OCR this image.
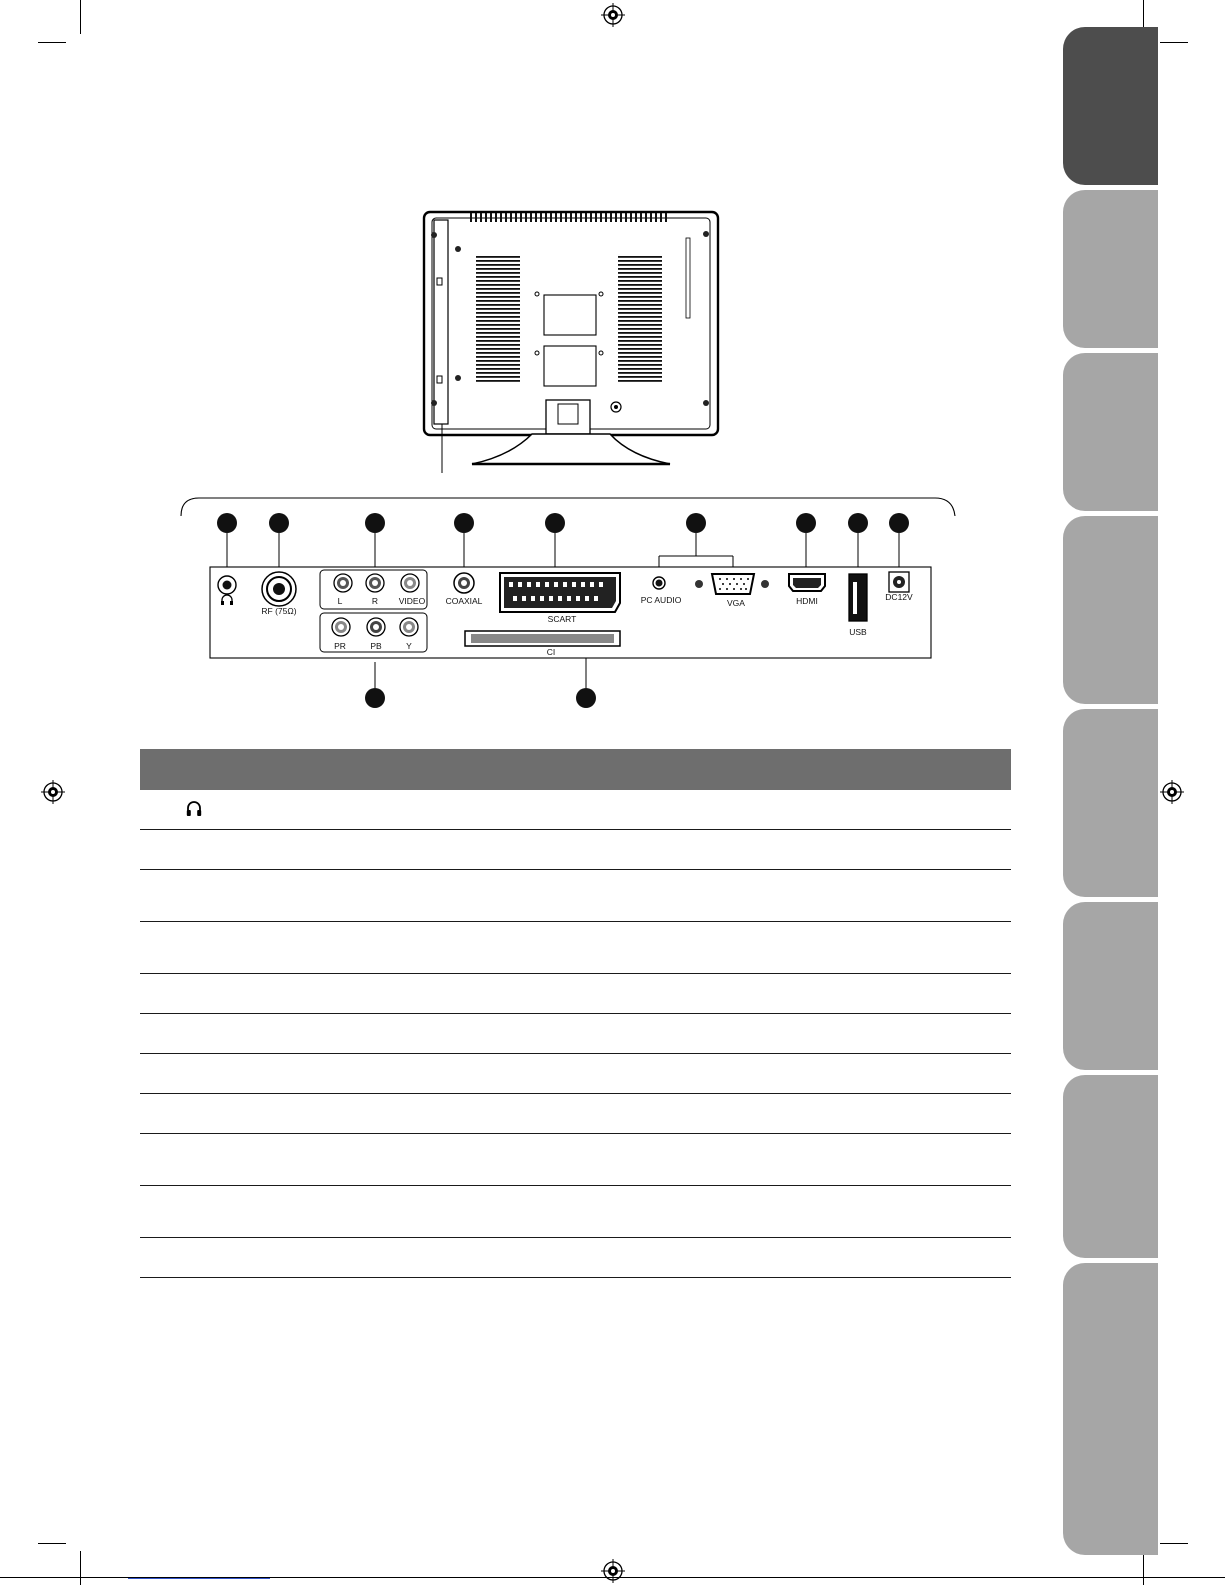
RF (75Ω)
L	R VIDEO
PR	PB	Y
COAXIAL
SCART
CI
PC AUDIO	VGA	HDMI
USB
DC12V
